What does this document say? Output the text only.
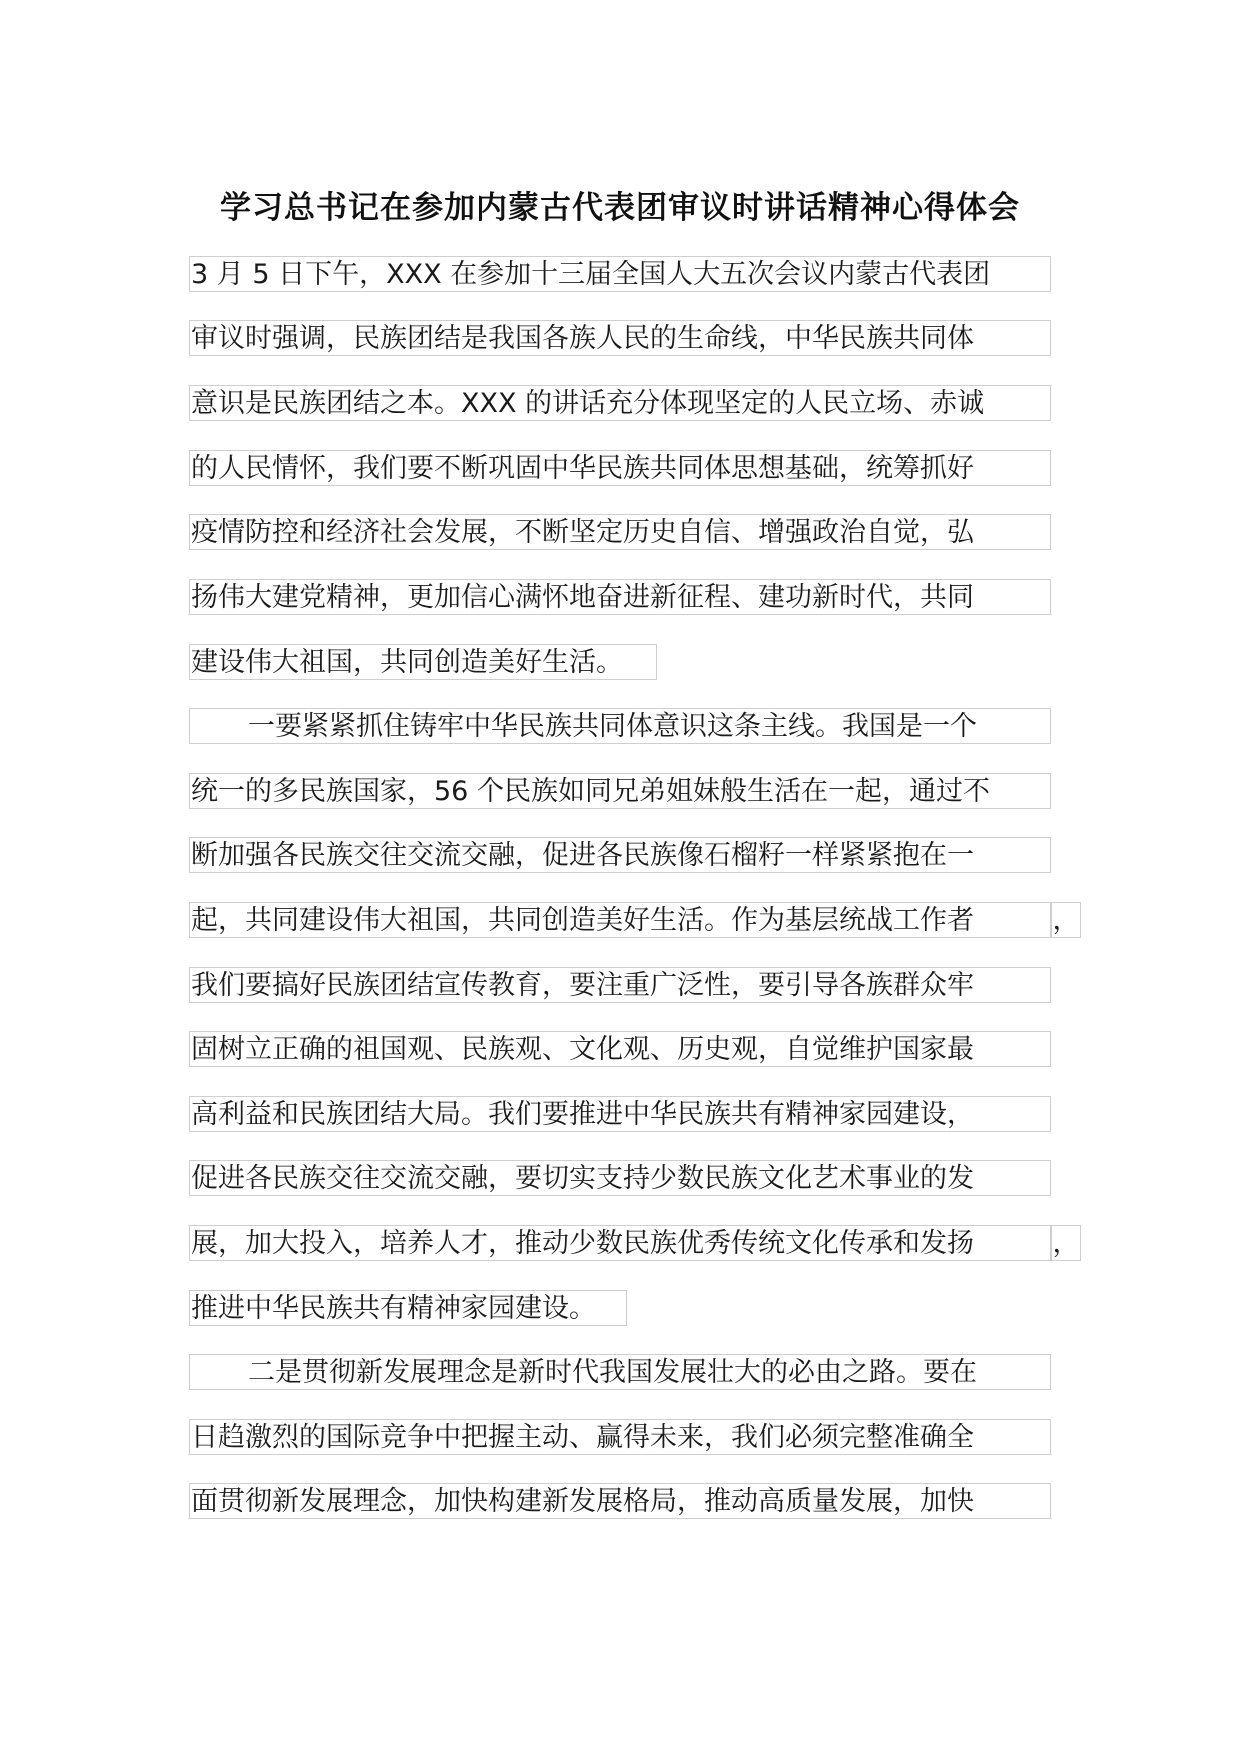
学习总书记在参加内蒙古代表团审议时讲话精神心得体会
3 月 5 日下午，XXX 在参加十三届全国人大五次会议内蒙古代表团
审议时强调，民族团结是我国各族人民的生命线，中华民族共同体
意识是民族团结之本。XXX 的讲话充分体现坚定的人民立场、赤诚
的人民情怀，我们要不断巩固中华民族共同体思想基础，统筹抓好
疫情防控和经济社会发展，不断坚定历史自信、增强政治自觉，弘
扬伟大建党精神，更加信心满怀地奋进新征程、建功新时代，共同
建设伟大祖国，共同创造美好生活。
一要紧紧抓住铸牢中华民族共同体意识这条主线。我国是一个
统一的多民族国家，56 个民族如同兄弟姐妹般生活在一起，通过不
断加强各民族交往交流交融，促进各民族像石榴籽一样紧紧抱在一
起，共同建设伟大祖国，共同创造美好生活。作为基层统战工作者	，
我们要搞好民族团结宣传教育，要注重广泛性，要引导各族群众牢
固树立正确的祖国观、民族观、文化观、历史观，自觉维护国家最
高利益和民族团结大局。我们要推进中华民族共有精神家园建设，
促进各民族交往交流交融，要切实支持少数民族文化艺术事业的发
展，加大投入，培养人才，推动少数民族优秀传统文化传承和发扬	，
推进中华民族共有精神家园建设。
二是贯彻新发展理念是新时代我国发展壮大的必由之路。要在
日趋激烈的国际竞争中把握主动、赢得未来，我们必须完整准确全
面贯彻新发展理念，加快构建新发展格局，推动高质量发展，加快
